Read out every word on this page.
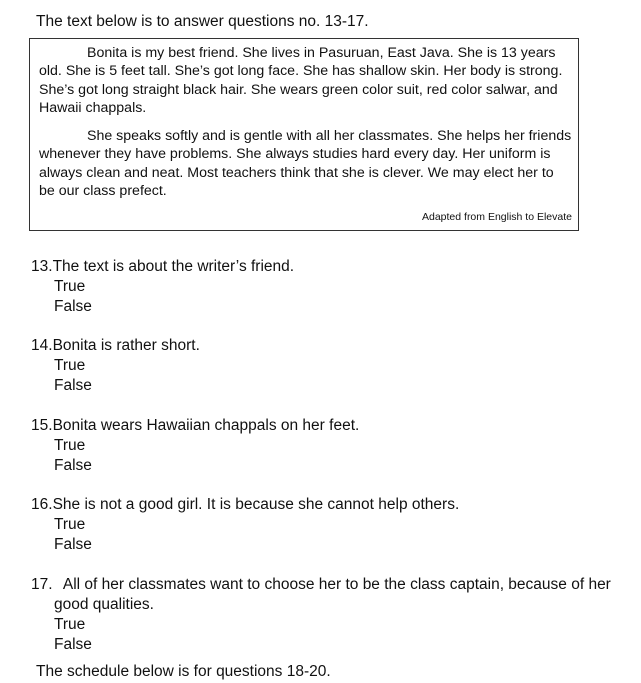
The text below is to answer questions no. 13-17.

Bonita is my best friend. She lives in Pasuruan, East Java. She is 13 years old. She is 5 feet tall. She’s got long face. She has shallow skin. Her body is strong. She’s got long straight black hair. She wears green color suit, red color salwar, and Hawaii chappals.

She speaks softly and is gentle with all her classmates. She helps her friends whenever they have problems. She always studies hard every day. Her uniform is always clean and neat. Most teachers think that she is clever. We may elect her to be our class prefect.

Adapted from English to Elevate
13. The text is about the writer’s friend.
True
False
14. Bonita is rather short.
True
False
15. Bonita wears Hawaiian chappals on her feet.
True
False
16. She is not a good girl. It is because she cannot help others.
True
False
17. All of her classmates want to choose her to be the class captain, because of her
good qualities.
True
False
The schedule below is for questions 18-20.
